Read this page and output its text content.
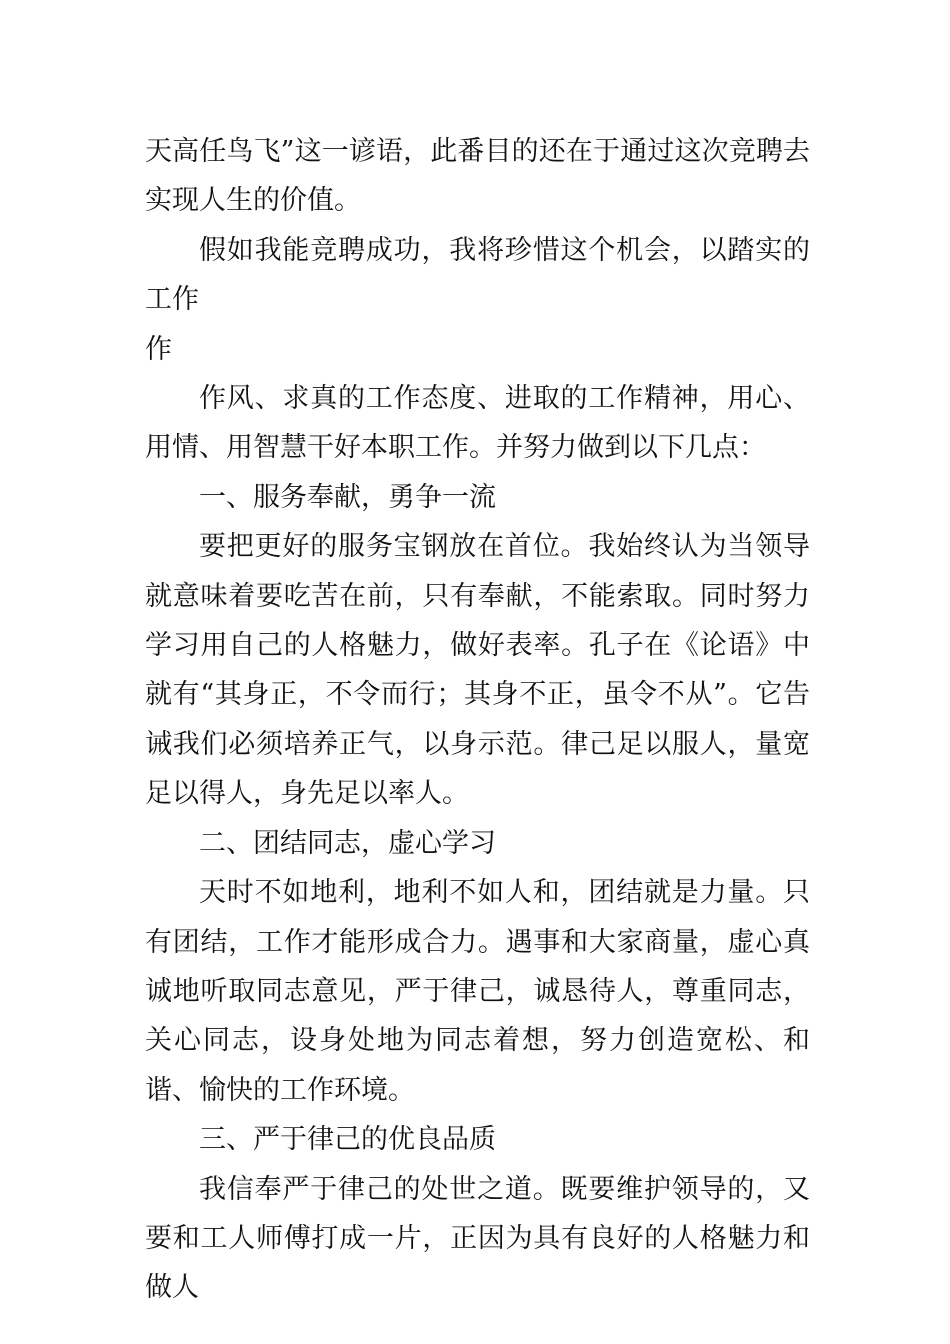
天高任鸟飞”这一谚语，此番目的还在于通过这次竞聘去实现人生的价值。

假如我能竞聘成功，我将珍惜这个机会，以踏实的工作

作

作风、求真的工作态度、进取的工作精神，用心、用情、用智慧干好本职工作。并努力做到以下几点：

一、服务奉献，勇争一流

要把更好的服务宝钢放在首位。我始终认为当领导就意味着要吃苦在前，只有奉献，不能索取。同时努力学习用自己的人格魅力，做好表率。孔子在《论语》中就有“其身正，不令而行；其身不正，虽令不从”。它告诫我们必须培养正气，以身示范。律己足以服人，量宽足以得人，身先足以率人。

二、团结同志，虚心学习

天时不如地利，地利不如人和，团结就是力量。只有团结，工作才能形成合力。遇事和大家商量，虚心真诚地听取同志意见，严于律己，诚恳待人，尊重同志，关心同志，设身处地为同志着想，努力创造宽松、和谐、愉快的工作环境。

三、严于律己的优良品质

我信奉严于律己的处世之道。既要维护领导的，又要和工人师傅打成一片，正因为具有良好的人格魅力和做人
